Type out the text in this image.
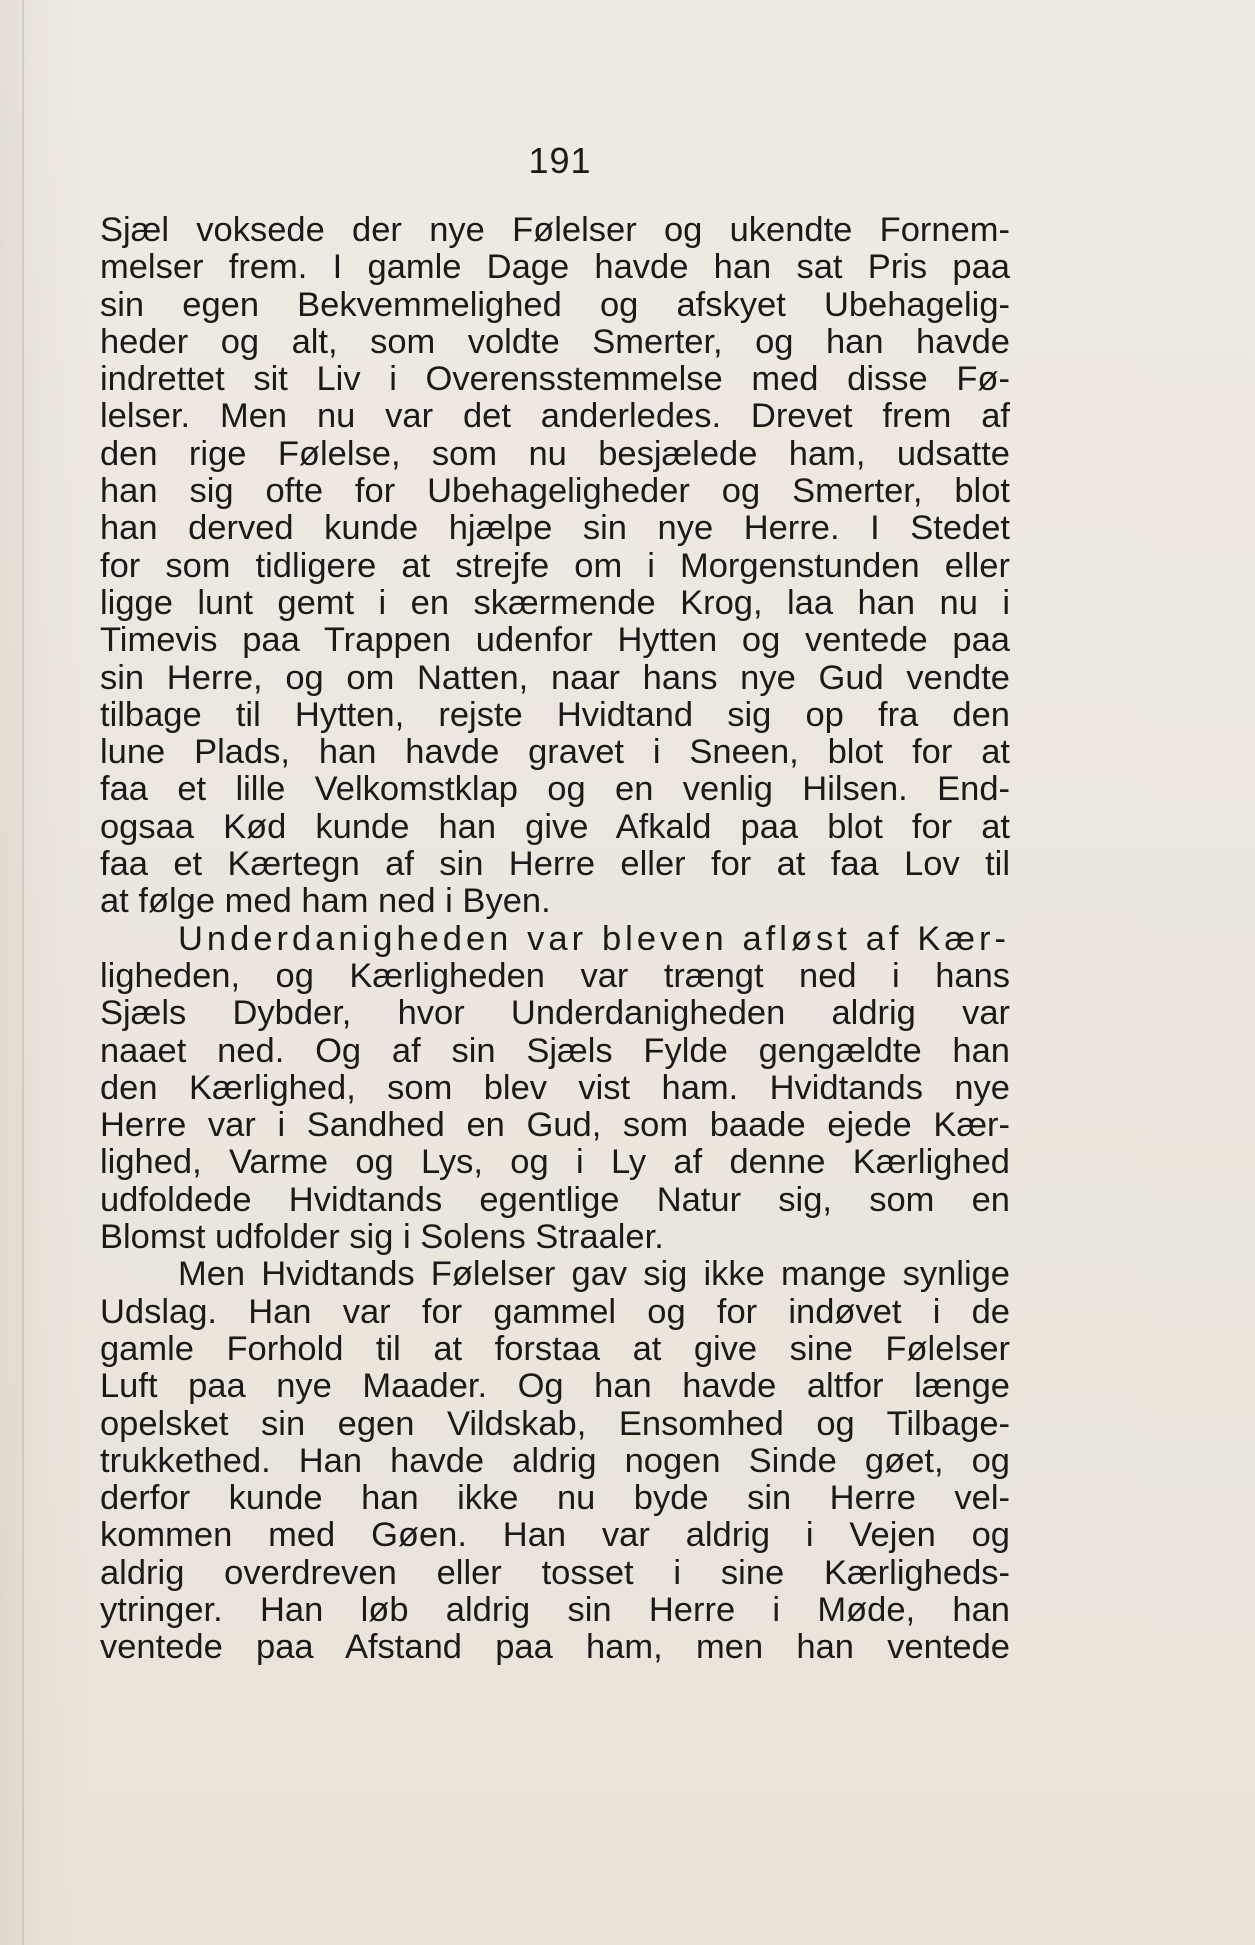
191
Sjæl voksede der nye Følelser og ukendte Fornem-
melser frem. I gamle Dage havde han sat Pris paa
sin egen Bekvemmelighed og afskyet Ubehagelig-
heder og alt, som voldte Smerter, og han havde
indrettet sit Liv i Overensstemmelse med disse Fø-
lelser. Men nu var det anderledes. Drevet frem af
den rige Følelse, som nu besjælede ham, udsatte
han sig ofte for Ubehageligheder og Smerter, blot
han derved kunde hjælpe sin nye Herre. I Stedet
for som tidligere at strejfe om i Morgenstunden eller
ligge lunt gemt i en skærmende Krog, laa han nu i
Timevis paa Trappen udenfor Hytten og ventede paa
sin Herre, og om Natten, naar hans nye Gud vendte
tilbage til Hytten, rejste Hvidtand sig op fra den
lune Plads, han havde gravet i Sneen, blot for at
faa et lille Velkomstklap og en venlig Hilsen. End-
ogsaa Kød kunde han give Afkald paa blot for at
faa et Kærtegn af sin Herre eller for at faa Lov til
at følge med ham ned i Byen.
Underdanigheden var bleven afløst af Kær-
ligheden, og Kærligheden var trængt ned i hans
Sjæls Dybder, hvor Underdanigheden aldrig var
naaet ned. Og af sin Sjæls Fylde gengældte han
den Kærlighed, som blev vist ham. Hvidtands nye
Herre var i Sandhed en Gud, som baade ejede Kær-
lighed, Varme og Lys, og i Ly af denne Kærlighed
udfoldede Hvidtands egentlige Natur sig, som en
Blomst udfolder sig i Solens Straaler.
Men Hvidtands Følelser gav sig ikke mange synlige
Udslag. Han var for gammel og for indøvet i de
gamle Forhold til at forstaa at give sine Følelser
Luft paa nye Maader. Og han havde altfor længe
opelsket sin egen Vildskab, Ensomhed og Tilbage-
trukkethed. Han havde aldrig nogen Sinde gøet, og
derfor kunde han ikke nu byde sin Herre vel-
kommen med Gøen. Han var aldrig i Vejen og
aldrig overdreven eller tosset i sine Kærligheds-
ytringer. Han løb aldrig sin Herre i Møde, han
ventede paa Afstand paa ham, men han ventede
